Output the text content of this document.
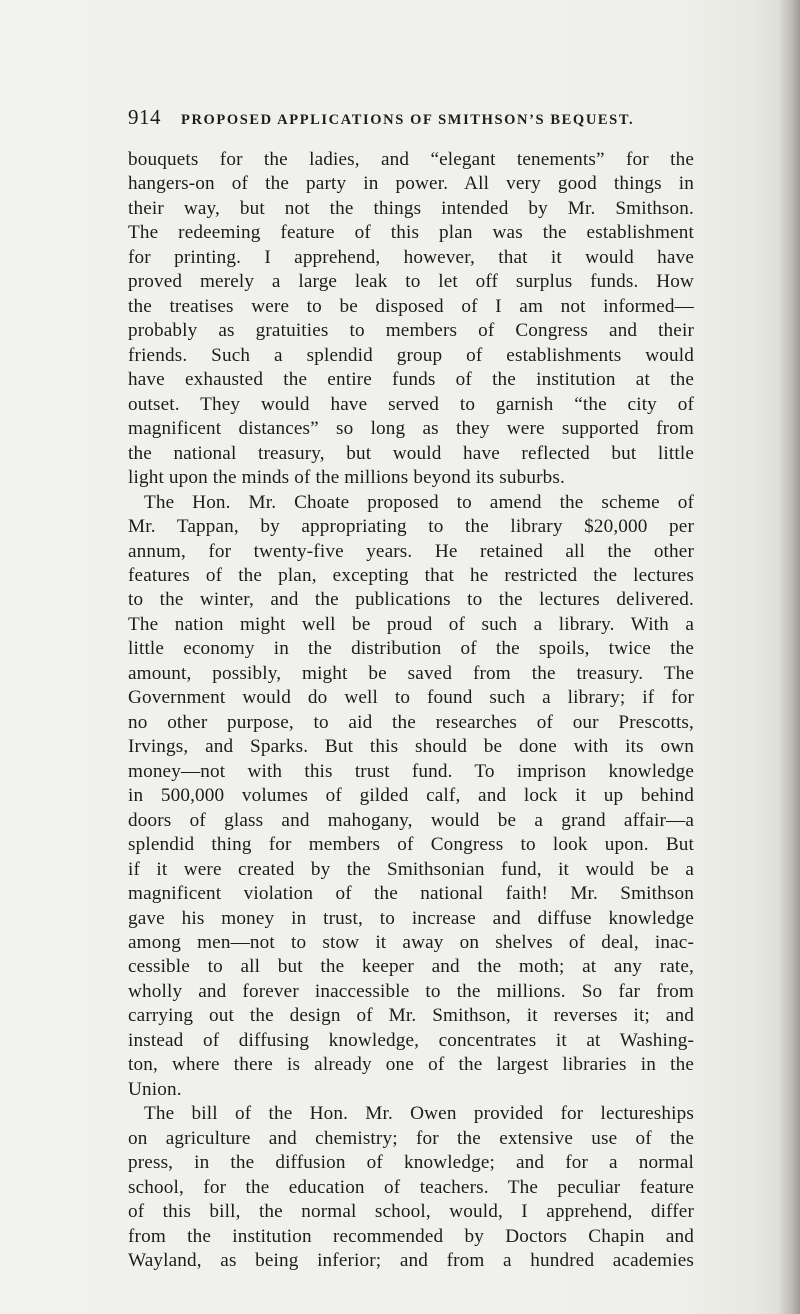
914 PROPOSED APPLICATIONS OF SMITHSON’S BEQUEST.
bouquets for the ladies, and “elegant tenements” for the
hangers-on of the party in power. All very good things in
their way, but not the things intended by Mr. Smithson.
The redeeming feature of this plan was the establishment
for printing. I apprehend, however, that it would have
proved merely a large leak to let off surplus funds. How
the treatises were to be disposed of I am not informed—
probably as gratuities to members of Congress and their
friends. Such a splendid group of establishments would
have exhausted the entire funds of the institution at the
outset. They would have served to garnish “the city of
magnificent distances” so long as they were supported from
the national treasury, but would have reflected but little
light upon the minds of the millions beyond its suburbs.
The Hon. Mr. Choate proposed to amend the scheme of
Mr. Tappan, by appropriating to the library $20,000 per
annum, for twenty-five years. He retained all the other
features of the plan, excepting that he restricted the lectures
to the winter, and the publications to the lectures delivered.
The nation might well be proud of such a library. With a
little economy in the distribution of the spoils, twice the
amount, possibly, might be saved from the treasury. The
Government would do well to found such a library; if for
no other purpose, to aid the researches of our Prescotts,
Irvings, and Sparks. But this should be done with its own
money—not with this trust fund. To imprison knowledge
in 500,000 volumes of gilded calf, and lock it up behind
doors of glass and mahogany, would be a grand affair—a
splendid thing for members of Congress to look upon. But
if it were created by the Smithsonian fund, it would be a
magnificent violation of the national faith! Mr. Smithson
gave his money in trust, to increase and diffuse knowledge
among men—not to stow it away on shelves of deal, inac-
cessible to all but the keeper and the moth; at any rate,
wholly and forever inaccessible to the millions. So far from
carrying out the design of Mr. Smithson, it reverses it; and
instead of diffusing knowledge, concentrates it at Washing-
ton, where there is already one of the largest libraries in the
Union.
The bill of the Hon. Mr. Owen provided for lectureships
on agriculture and chemistry; for the extensive use of the
press, in the diffusion of knowledge; and for a normal
school, for the education of teachers. The peculiar feature
of this bill, the normal school, would, I apprehend, differ
from the institution recommended by Doctors Chapin and
Wayland, as being inferior; and from a hundred academies
